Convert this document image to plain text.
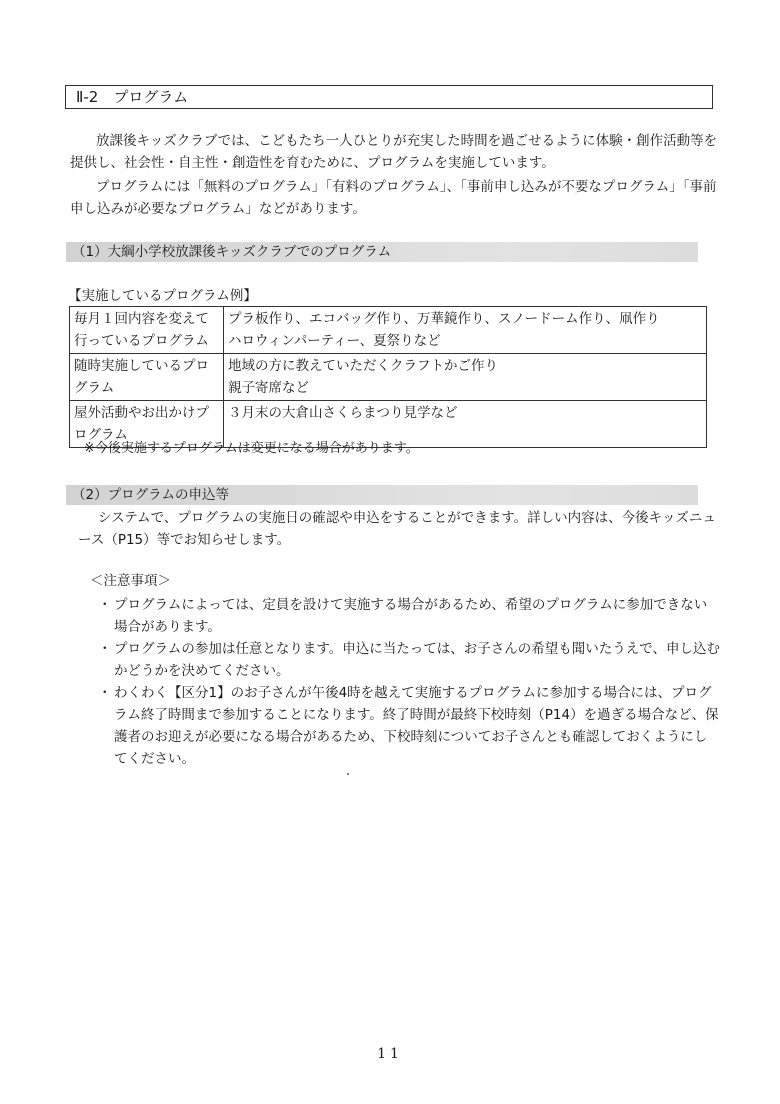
Ⅱ-2　プログラム

放課後キッズクラブでは、こどもたち一人ひとりが充実した時間を過ごせるように体験・創作活動等を提供し、社会性・自主性・創造性を育むために、プログラムを実施しています。

プログラムには「無料のプログラム」「有料のプログラム」、「事前申し込みが不要なプログラム」「事前申し込みが必要なプログラム」などがあります。

（1）大綱小学校放課後キッズクラブでのプログラム
【実施しているプログラム例】
毎月１回内容を変えて行っているプログラム	プラ板作り、エコバッグ作り、万華鏡作り、スノードーム作り、凧作り
ハロウィンパーティー、夏祭りなど
随時実施しているプログラム	地域の方に教えていただくクラフトかご作り
親子寄席など
屋外活動やお出かけプログラム	３月末の大倉山さくらまつり見学など
※今後実施するプログラムは変更になる場合があります。
（2）プログラムの申込等

システムで、プログラムの実施日の確認や申込をすることができます。詳しい内容は、今後キッズニュース（P15）等でお知らせします。

＜注意事項＞
・ プログラムによっては、定員を設けて実施する場合があるため、希望のプログラムに参加できない場合があります。
・ プログラムの参加は任意となります。申込に当たっては、お子さんの希望も聞いたうえで、申し込むかどうかを決めてください。
・ わくわく【区分1】のお子さんが午後4時を越えて実施するプログラムに参加する場合には、プログラム終了時間まで参加することになります。終了時間が最終下校時刻（P14）を過ぎる場合など、保護者のお迎えが必要になる場合があるため、下校時刻についてお子さんとも確認しておくようにしてください。
11
